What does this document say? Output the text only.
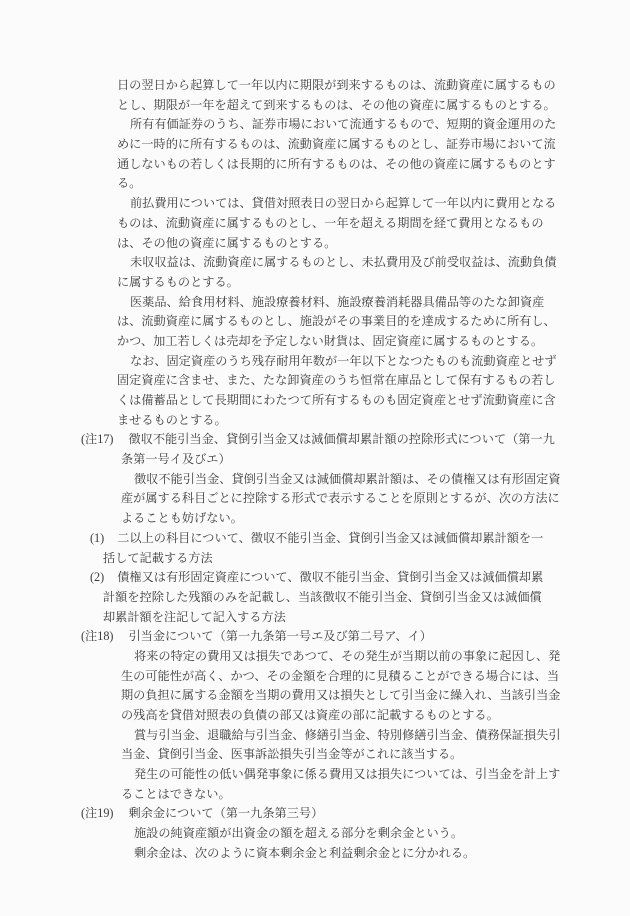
日の翌日から起算して一年以内に期限が到来するものは、流動資産に属するもの
とし、期限が一年を超えて到来するものは、その他の資産に属するものとする。
所有有価証券のうち、証券市場において流通するもので、短期的資金運用のた
めに一時的に所有するものは、流動資産に属するものとし、証券市場において流
通しないもの若しくは長期的に所有するものは、その他の資産に属するものとす
る。
前払費用については、貸借対照表日の翌日から起算して一年以内に費用となる
ものは、流動資産に属するものとし、一年を超える期間を経て費用となるもの
は、その他の資産に属するものとする。
未収収益は、流動資産に属するものとし、未払費用及び前受収益は、流動負債
に属するものとする。
医薬品、給食用材料、施設療養材料、施設療養消耗器具備品等のたな卸資産
は、流動資産に属するものとし、施設がその事業目的を達成するために所有し、
かつ、加工若しくは売却を予定しない財貨は、固定資産に属するものとする。
なお、固定資産のうち残存耐用年数が一年以下となつたものも流動資産とせず
固定資産に含ませ、また、たな卸資産のうち恒常在庫品として保有するもの若し
くは備蓄品として長期間にわたつて所有するものも固定資産とせず流動資産に含
ませるものとする。
(注17) 徴収不能引当金、貸倒引当金又は減価償却累計額の控除形式について（第一九
条第一号イ及びエ）
徴収不能引当金、貸倒引当金又は減価償却累計額は、その債権又は有形固定資
産が属する科目ごとに控除する形式で表示することを原則とするが、次の方法に
よることも妨げない。
(1) 二以上の科目について、徴収不能引当金、貸倒引当金又は減価償却累計額を一
括して記載する方法
(2) 債権又は有形固定資産について、徴収不能引当金、貸倒引当金又は減価償却累
計額を控除した残額のみを記載し、当該徴収不能引当金、貸倒引当金又は減価償
却累計額を注記して記入する方法
(注18) 引当金について（第一九条第一号エ及び第二号ア、イ）
将来の特定の費用又は損失であつて、その発生が当期以前の事象に起因し、発
生の可能性が高く、かつ、その金額を合理的に見積ることができる場合には、当
期の負担に属する金額を当期の費用又は損失として引当金に繰入れ、当該引当金
の残高を貸借対照表の負債の部又は資産の部に記載するものとする。
賞与引当金、退職給与引当金、修繕引当金、特別修繕引当金、債務保証損失引
当金、貸倒引当金、医事訴訟損失引当金等がこれに該当する。
発生の可能性の低い偶発事象に係る費用又は損失については、引当金を計上す
ることはできない。
(注19) 剰余金について（第一九条第三号）
施設の純資産額が出資金の額を超える部分を剰余金という。
剰余金は、次のように資本剰余金と利益剰余金とに分かれる。
